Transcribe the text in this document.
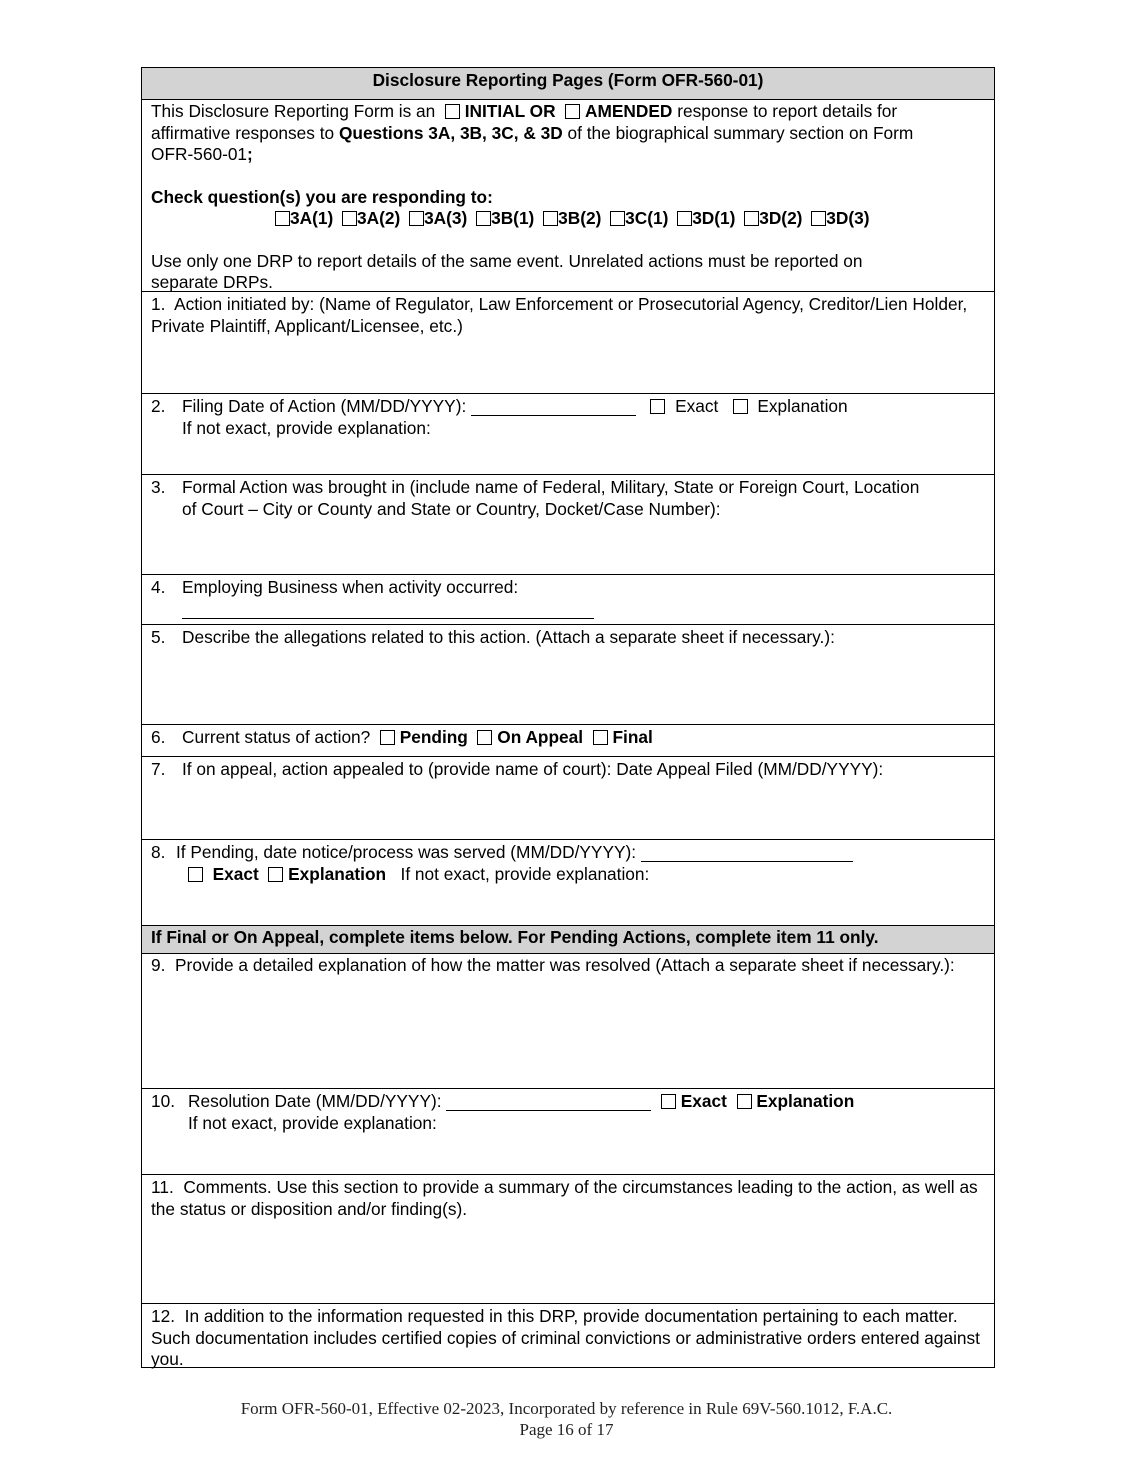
Disclosure Reporting Pages (Form OFR-560-01)
This Disclosure Reporting Form is an INITIAL OR AMENDED response to report details for
affirmative responses to Questions 3A, 3B, 3C, & 3D of the biographical summary section on Form
OFR-560-01;
Check question(s) you are responding to:
3A(1) 3A(2) 3A(3) 3B(1) 3B(2) 3C(1) 3D(1) 3D(2) 3D(3)
Use only one DRP to report details of the same event. Unrelated actions must be reported on
separate DRPs.
1. Action initiated by: (Name of Regulator, Law Enforcement or Prosecutorial Agency, Creditor/Lien Holder, Private Plaintiff, Applicant/Licensee, etc.)
2. Filing Date of Action (MM/DD/YYYY):	Exact Explanation
If not exact, provide explanation:
3. Formal Action was brought in (include name of Federal, Military, State or Foreign Court, Location
of Court – City or County and State or Country, Docket/Case Number):
4. Employing Business when activity occurred:
5. Describe the allegations related to this action. (Attach a separate sheet if necessary.):
6. Current status of action? Pending On Appeal Final
7. If on appeal, action appealed to (provide name of court): Date Appeal Filed (MM/DD/YYYY):
8. If Pending, date notice/process was served (MM/DD/YYYY):
Exact Explanation If not exact, provide explanation:
If Final or On Appeal, complete items below. For Pending Actions, complete item 11 only.
9. Provide a detailed explanation of how the matter was resolved (Attach a separate sheet if necessary.):
10. Resolution Date (MM/DD/YYYY):	Exact Explanation
If not exact, provide explanation:
11. Comments. Use this section to provide a summary of the circumstances leading to the action, as well as the status or disposition and/or finding(s).
12. In addition to the information requested in this DRP, provide documentation pertaining to each matter. Such documentation includes certified copies of criminal convictions or administrative orders entered against you.
Form OFR-560-01, Effective 02-2023, Incorporated by reference in Rule 69V-560.1012, F.A.C.
Page 16 of 17
